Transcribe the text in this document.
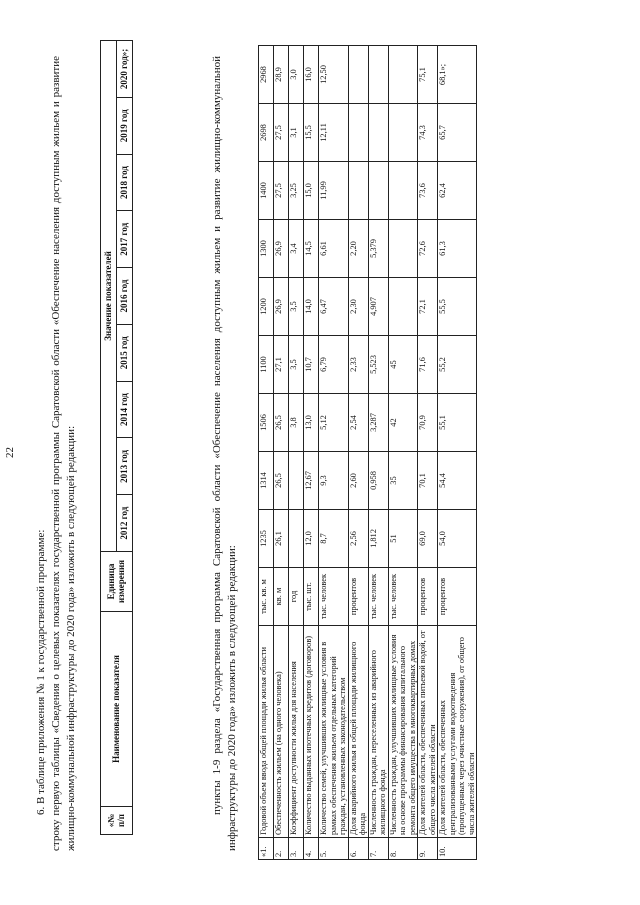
22
6. В таблице приложения № 1 к государственной программе: строку первую таблицы «Сведения о целевых показателях государственной программы Саратовской области «Обеспечение населения доступным жильем и развитие жилищно-коммунальной инфраструктуры до 2020 года» изложить в следующей редакции:	«№ п/п	Наименование показателя	Единица измерения	Значение показателей								
			2012 год	2013 год	2014 год	2015 год	2016 год	2017 год	2018 год	2019 год	2020 год»;	пункты 1-9 раздела «Государственная программа Саратовской области «Обеспечение населения доступным жильем и развитие жилищно-коммунальной инфраструктуры до 2020 года» изложить в следующей редакции:
«1.	Годовой объем ввода общей площади жилья области	тыс. кв. м	1235	1314	1506	1100	1200	1300	1400	2698	2968
2.	Обеспеченность жильем (на одного человека)	кв. м	26,1	26,5	26,5	27,1	26,9	26,9	27,5	27,5	28,9
3.	Коэффициент доступности жилья для населения	год			3,8	3,5	3,5	3,4	3,25	3,1	3,0
4.	Количество выданных ипотечных кредитов (договоров)	тыс. шт.	12,0	12,67	13,0	10,7	14,0	14,5	15,0	15,5	16,0
5.	Количество семей, улучшивших жилищные условия в рамках обеспечения жильем отдельных категорий граждан, установленных законодательством	тыс. человек	8,7	9,3	5,12	6,79	6,47	6,61	11,99	12,11	12,50
6.	Доля аварийного жилья в общей площади жилищного фонда	процентов	2,56	2,60	2,54	2,33	2,30	2,20			
7.	Численность граждан, переселенных из аварийного жилищного фонда	тыс. человек	1,812	0,958	3,287	5,523	4,907	5,379			
8.	Численность граждан, улучшивших жилищные условия на основе программы финансирования капитального ремонта общего имущества в многоквартирных домах	тыс. человек	51	35	42	45					
9.	Доля жителей области, обеспеченных питьевой водой, от общего числа жителей области	процентов	69,0	70,1	70,9	71,6	72,1	72,6	73,6	74,3	75,1
10.	Доля жителей области, обеспеченных централизованными услугами водоотведения (пропущенных через очистные сооружения), от общего числа жителей области	процентов	54,0	54,4	55,1	55,2	55,5	61,3	62,4	65,7	68,1»;
